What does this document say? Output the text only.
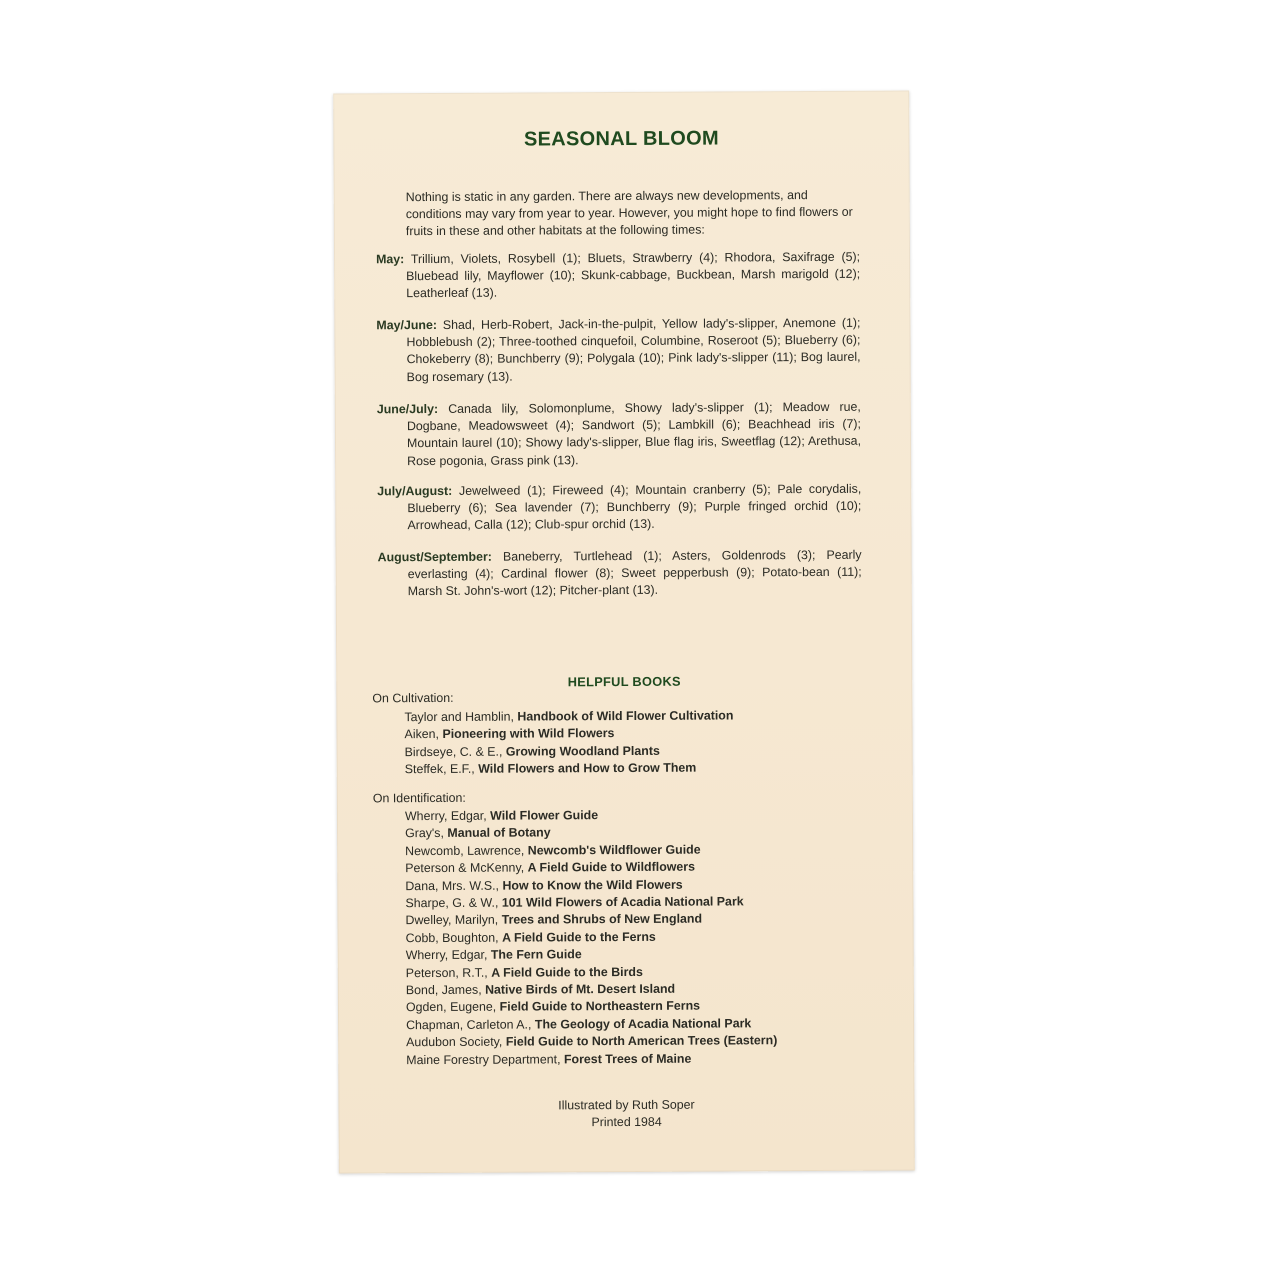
SEASONAL BLOOM
Nothing is static in any garden. There are always new developments, and conditions may vary from year to year. However, you might hope to find flowers or fruits in these and other habitats at the following times:
May: Trillium, Violets, Rosybell (1); Bluets, Strawberry (4); Rhodora, Saxifrage (5); Bluebead lily, Mayflower (10); Skunk-cabbage, Buckbean, Marsh marigold (12); Leatherleaf (13).
May/June: Shad, Herb-Robert, Jack-in-the-pulpit, Yellow lady's-slipper, Anemone (1); Hobblebush (2); Three-toothed cinquefoil, Columbine, Roseroot (5); Blueberry (6); Chokeberry (8); Bunchberry (9); Polygala (10); Pink lady's-slipper (11); Bog laurel, Bog rosemary (13).
June/July: Canada lily, Solomonplume, Showy lady's-slipper (1); Meadow rue, Dogbane, Meadowsweet (4); Sandwort (5); Lambkill (6); Beachhead iris (7); Mountain laurel (10); Showy lady's-slipper, Blue flag iris, Sweetflag (12); Arethusa, Rose pogonia, Grass pink (13).
July/August: Jewelweed (1); Fireweed (4); Mountain cranberry (5); Pale corydalis, Blueberry (6); Sea lavender (7); Bunchberry (9); Purple fringed orchid (10); Arrowhead, Calla (12); Club-spur orchid (13).
August/September: Baneberry, Turtlehead (1); Asters, Goldenrods (3); Pearly everlasting (4); Cardinal flower (8); Sweet pepperbush (9); Potato-bean (11); Marsh St. John's-wort (12); Pitcher-plant (13).
HELPFUL BOOKS
On Cultivation:
Taylor and Hamblin, Handbook of Wild Flower Cultivation
Aiken, Pioneering with Wild Flowers
Birdseye, C. & E., Growing Woodland Plants
Steffek, E.F., Wild Flowers and How to Grow Them
On Identification:
Wherry, Edgar, Wild Flower Guide
Gray's, Manual of Botany
Newcomb, Lawrence, Newcomb's Wildflower Guide
Peterson & McKenny, A Field Guide to Wildflowers
Dana, Mrs. W.S., How to Know the Wild Flowers
Sharpe, G. & W., 101 Wild Flowers of Acadia National Park
Dwelley, Marilyn, Trees and Shrubs of New England
Cobb, Boughton, A Field Guide to the Ferns
Wherry, Edgar, The Fern Guide
Peterson, R.T., A Field Guide to the Birds
Bond, James, Native Birds of Mt. Desert Island
Ogden, Eugene, Field Guide to Northeastern Ferns
Chapman, Carleton A., The Geology of Acadia National Park
Audubon Society, Field Guide to North American Trees (Eastern)
Maine Forestry Department, Forest Trees of Maine
Illustrated by Ruth Soper
Printed 1984
